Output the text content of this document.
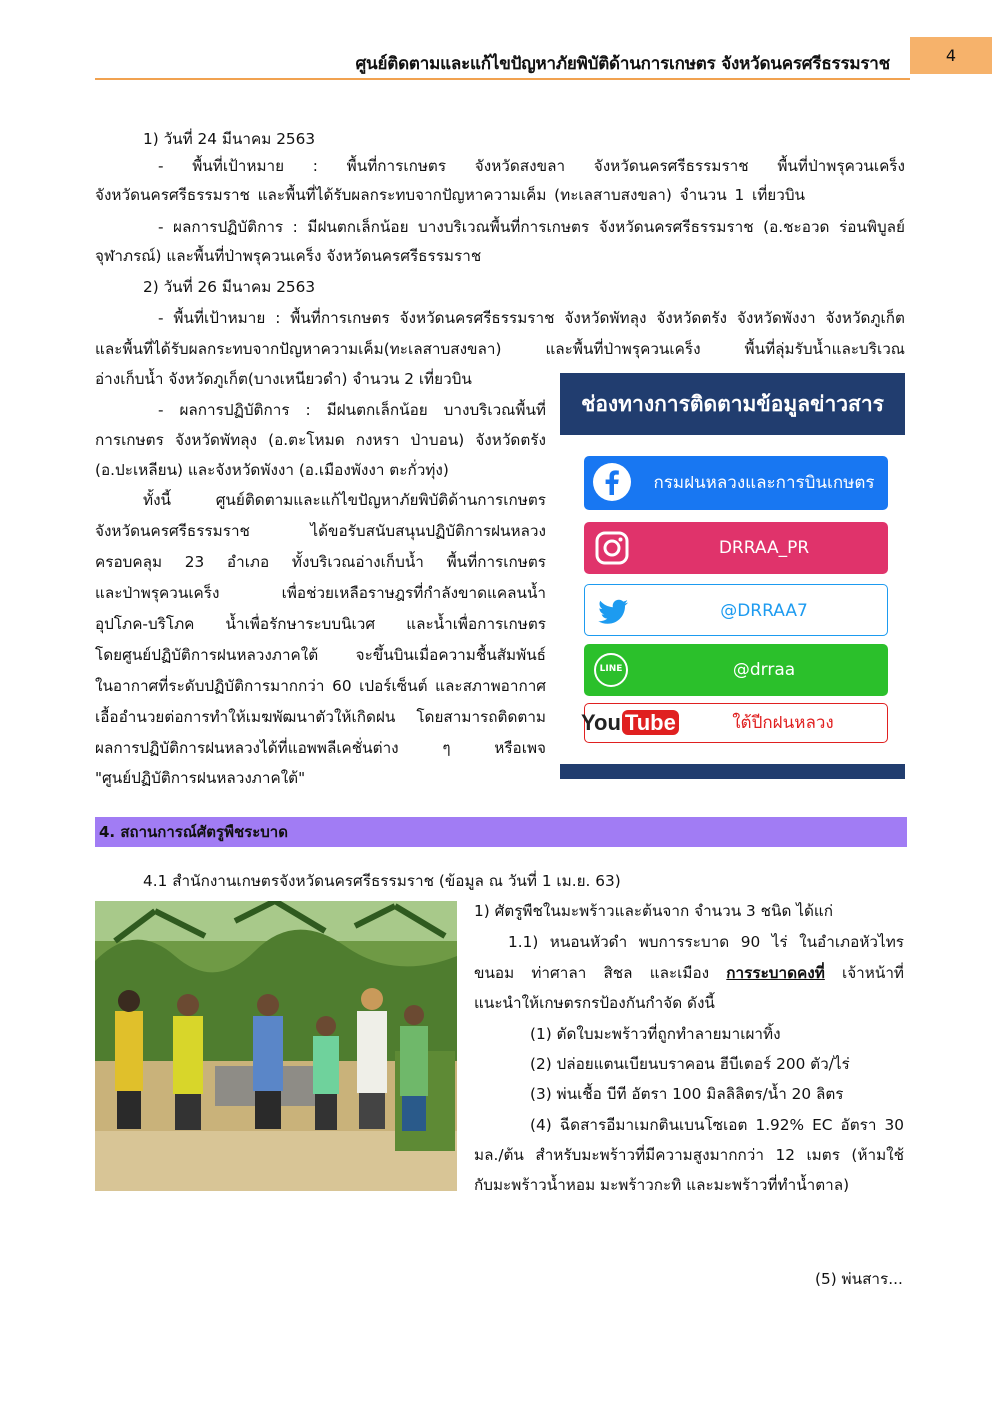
ศูนย์ติดตามและแก้ไขปัญหาภัยพิบัติด้านการเกษตร จังหวัดนครศรีธรรมราช	4
1) วันที่ 24 มีนาคม 2563
- พื้นที่เป้าหมาย : พื้นที่การเกษตร จังหวัดสงขลา จังหวัดนครศรีธรรมราช พื้นที่ป่าพรุควนเคร็ง
จังหวัดนครศรีธรรมราช และพื้นที่ได้รับผลกระทบจากปัญหาความเค็ม (ทะเลสาบสงขลา) จำนวน 1 เที่ยวบิน
- ผลการปฏิบัติการ : มีฝนตกเล็กน้อย บางบริเวณพื้นที่การเกษตร จังหวัดนครศรีธรรมราช (อ.ชะอวด ร่อนพิบูลย์
จุฬาภรณ์) และพื้นที่ป่าพรุควนเคร็ง จังหวัดนครศรีธรรมราช
2) วันที่ 26 มีนาคม 2563
- พื้นที่เป้าหมาย : พื้นที่การเกษตร จังหวัดนครศรีธรรมราช จังหวัดพัทลุง จังหวัดตรัง จังหวัดพังงา จังหวัดภูเก็ต
และพื้นที่ได้รับผลกระทบจากปัญหาความเค็ม(ทะเลสาบสงขลา) และพื้นที่ป่าพรุควนเคร็ง พื้นที่ลุ่มรับน้ำและบริเวณ
อ่างเก็บน้ำ จังหวัดภูเก็ต(บางเหนียวดำ) จำนวน 2 เที่ยวบิน
- ผลการปฏิบัติการ : มีฝนตกเล็กน้อย บางบริเวณพื้นที่
การเกษตร จังหวัดพัทลุง (อ.ตะโหมด กงหรา ป่าบอน) จังหวัดตรัง
(อ.ปะเหลียน) และจังหวัดพังงา (อ.เมืองพังงา ตะกั่วทุ่ง)
ทั้งนี้ ศูนย์ติดตามและแก้ไขปัญหาภัยพิบัติด้านการเกษตร
จังหวัดนครศรีธรรมราช ได้ขอรับสนับสนุนปฏิบัติการฝนหลวง
ครอบคลุม 23 อำเภอ ทั้งบริเวณอ่างเก็บน้ำ พื้นที่การเกษตร
และป่าพรุควนเคร็ง เพื่อช่วยเหลือราษฎรที่กำลังขาดแคลนน้ำ
อุปโภค-บริโภค น้ำเพื่อรักษาระบบนิเวศ และน้ำเพื่อการเกษตร
โดยศูนย์ปฏิบัติการฝนหลวงภาคใต้ จะขึ้นบินเมื่อความชื้นสัมพันธ์
ในอากาศที่ระดับปฏิบัติการมากกว่า 60 เปอร์เซ็นต์ และสภาพอากาศ
เอื้ออำนวยต่อการทำให้เมฆพัฒนาตัวให้เกิดฝน โดยสามารถติดตาม
ผลการปฏิบัติการฝนหลวงได้ที่แอพพลีเคชั่นต่าง ๆ หรือเพจ
"ศูนย์ปฏิบัติการฝนหลวงภาคใต้"
ช่องทางการติดตามข้อมูลข่าวสาร
กรมฝนหลวงและการบินเกษตร
DRRAA_PR
@DRRAA7
LINE	@drraa
You Tube	ใต้ปีกฝนหลวง
4. สถานการณ์ศัตรูพืชระบาด
4.1 สำนักงานเกษตรจังหวัดนครศรีธรรมราช (ข้อมูล ณ วันที่ 1 เม.ย. 63)
1) ศัตรูพืชในมะพร้าวและต้นจาก จำนวน 3 ชนิด ได้แก่
1.1) หนอนหัวดำ พบการระบาด 90 ไร่ ในอำเภอหัวไทร
ขนอม ท่าศาลา สิชล และเมือง การระบาดคงที่ เจ้าหน้าที่
แนะนำให้เกษตรกรป้องกันกำจัด ดังนี้
(1) ตัดใบมะพร้าวที่ถูกทำลายมาเผาทิ้ง
(2) ปล่อยแตนเบียนบราคอน ฮีบีเตอร์ 200 ตัว/ไร่
(3) พ่นเชื้อ บีที อัตรา 100 มิลลิลิตร/น้ำ 20 ลิตร
(4) ฉีดสารอีมาเมกตินเบนโซเอต 1.92% EC อัตรา 30
มล./ต้น สำหรับมะพร้าวที่มีความสูงมากกว่า 12 เมตร (ห้ามใช้
กับมะพร้าวน้ำหอม มะพร้าวกะทิ และมะพร้าวที่ทำน้ำตาล)
(5) พ่นสาร...
